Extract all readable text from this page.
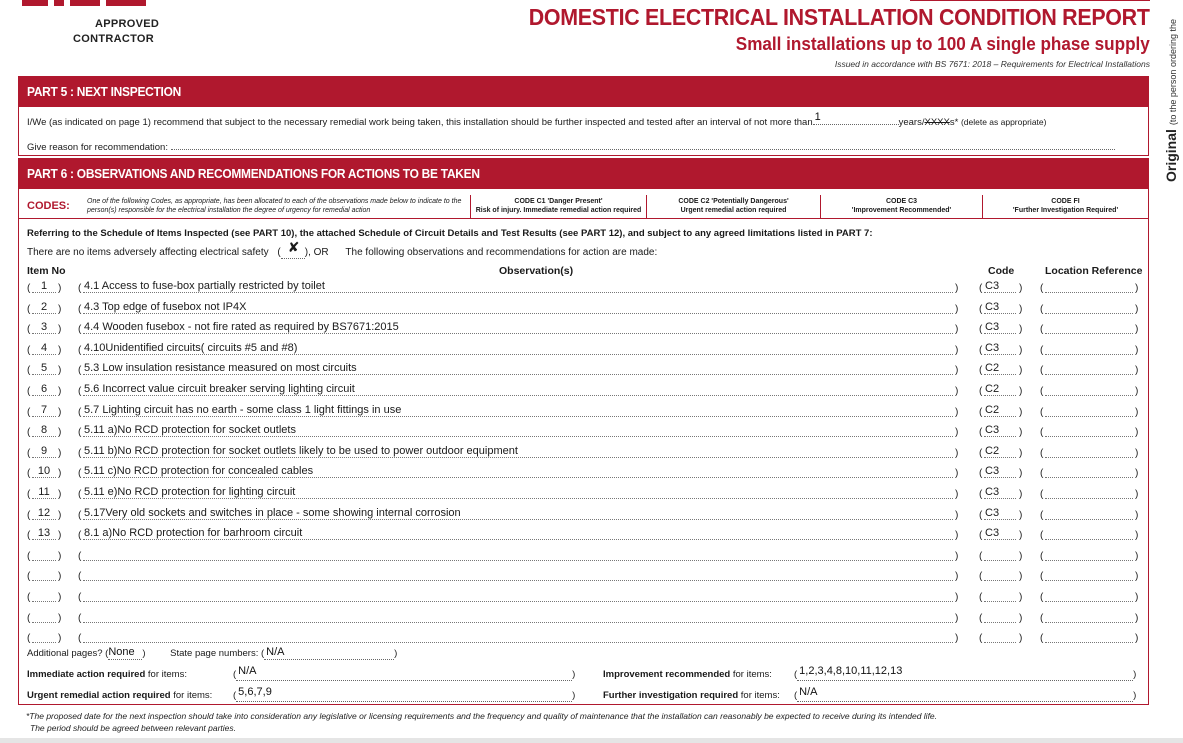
APPROVED
CONTRACTOR
DOMESTIC ELECTRICAL INSTALLATION CONDITION REPORT
Small installations up to 100 A single phase supply
Issued in accordance with BS 7671: 2018 – Requirements for Electrical Installations
Original(to the person ordering the
PART 5 : NEXT INSPECTION
I/We (as indicated on page 1) recommend that subject to the necessary remedial work being taken, this installation should be further inspected and tested after an interval of not more than 1	years/XXXXs* (delete as appropriate)
Give reason for recommendation:
PART 6 : OBSERVATIONS AND RECOMMENDATIONS FOR ACTIONS TO BE TAKEN
CODES: One of the following Codes, as appropriate, has been allocated to each of the observations made below to indicate to the person(s) responsible for the electrical installation the degree of urgency for remedial action
CODE C1 'Danger Present'
Risk of injury. Immediate remedial action required
CODE C2 'Potentially Dangerous'
Urgent remedial action required
CODE C3
'Improvement Recommended'
CODE FI
'Further Investigation Required'
Referring to the Schedule of Items Inspected (see PART 10), the attached Schedule of Circuit Details and Test Results (see PART 12), and subject to any agreed limitations listed in PART 7:
There are no items adversely affecting electrical safety ( ✘ ), OR The following observations and recommendations for action are made:
Item No	Observation(s)	Code	Location Reference
( 1	) ( 4.1 Access to fuse-box partially restricted by toilet	) ( C3 ) (	)
( 2	) ( 4.3 Top edge of fusebox not IP4X	) ( C3 ) (	)
( 3	) ( 4.4 Wooden fusebox - not fire rated as required by BS7671:2015	) ( C3 ) (	)
( 4	) ( 4.10Unidentified circuits( circuits #5 and #8)	) ( C3 ) (	)
( 5	) ( 5.3 Low insulation resistance measured on most circuits	) ( C2 ) (	)
( 6	) ( 5.6 Incorrect value circuit breaker serving lighting circuit	) ( C2 ) (	)
( 7	) ( 5.7 Lighting circuit has no earth - some class 1 light fittings in use	) ( C2 ) (	)
( 8	) ( 5.11 a)No RCD protection for socket outlets	) ( C3 ) (	)
( 9	) ( 5.11 b)No RCD protection for socket outlets likely to be used to power outdoor equipment	) ( C2 ) (	)
( 10 ) ( 5.11 c)No RCD protection for concealed cables	) ( C3 ) (	)
( 11 ) ( 5.11 e)No RCD protection for lighting circuit	) ( C3 ) (	)
( 12 ) ( 5.17Very old sockets and switches in place - some showing internal corrosion	) ( C3 ) (	)
( 13 ) ( 8.1 a)No RCD protection for barhroom circuit	) ( C3 ) (	)
(	) (	) (	) (	)
(	) (	) (	) (	)
(	) (	) (	) (	)
(	) (	) (	) (	)
(	) (	) (	) (	)
Additional pages? ( None ) State page numbers: ( N/A	)
Immediate action required for items:	( N/A	)
Urgent remedial action required for items: ( 5,6,7,9	)
Improvement recommended for items: ( 1,2,3,4,8,10,11,12,13	)
Further investigation required for items: ( N/A	)
*The proposed date for the next inspection should take into consideration any legislative or licensing requirements and the frequency and quality of maintenance that the installation can reasonably be expected to receive during its intended life.
The period should be agreed between relevant parties.
